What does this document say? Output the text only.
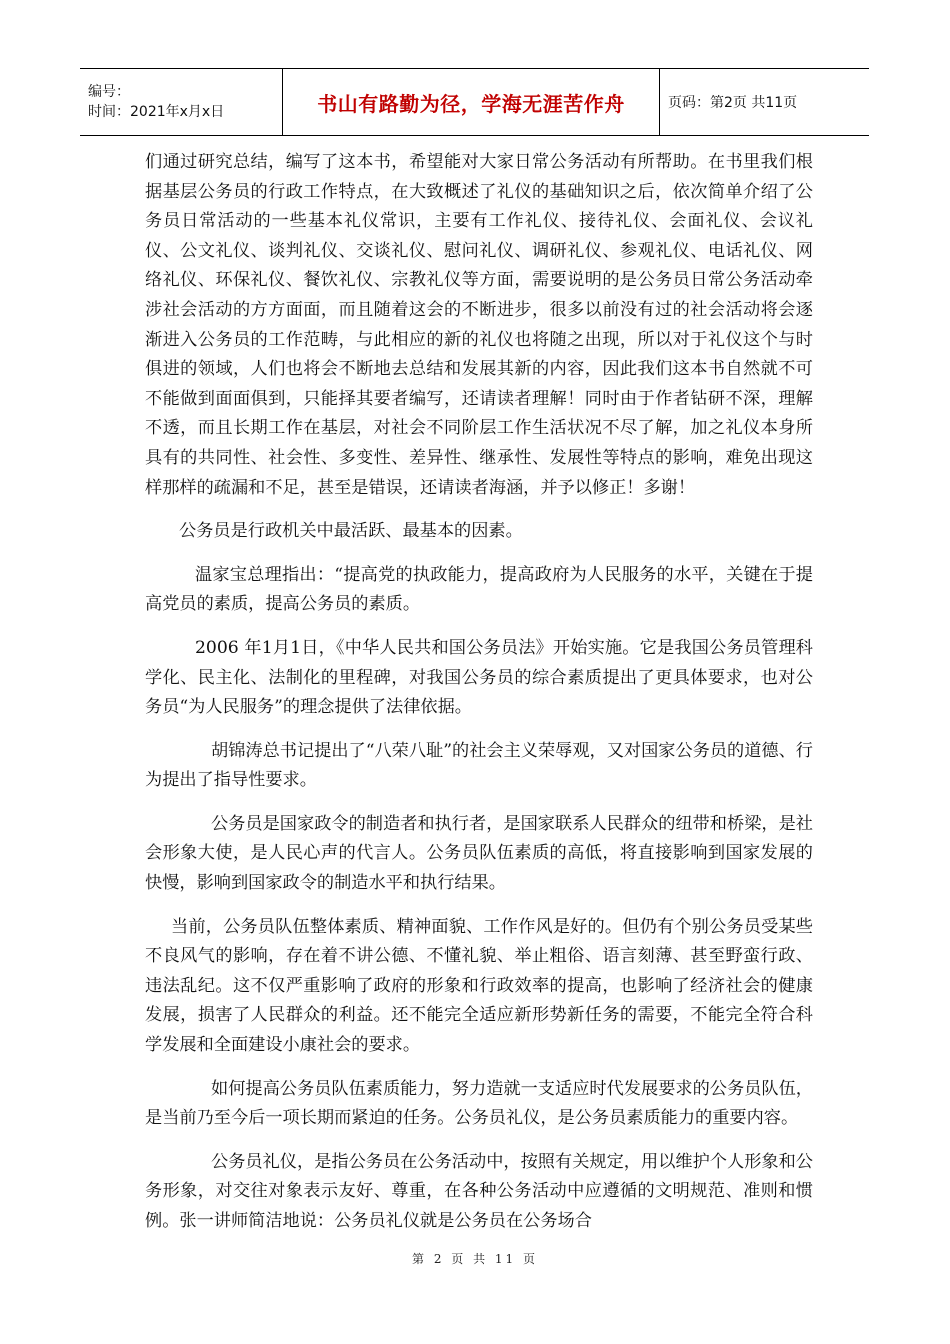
编号：
时间：2021年x月x日	书山有路勤为径，学海无涯苦作舟	页码：第2页 共11页

们通过研究总结，编写了这本书，希望能对大家日常公务活动有所帮助。在书里我们根据基层公务员的行政工作特点，在大致概述了礼仪的基础知识之后，依次简单介绍了公务员日常活动的一些基本礼仪常识，主要有工作礼仪、接待礼仪、会面礼仪、会议礼仪、公文礼仪、谈判礼仪、交谈礼仪、慰问礼仪、调研礼仪、参观礼仪、电话礼仪、网络礼仪、环保礼仪、餐饮礼仪、宗教礼仪等方面，需要说明的是公务员日常公务活动牵涉社会活动的方方面面，而且随着这会的不断进步，很多以前没有过的社会活动将会逐渐进入公务员的工作范畴，与此相应的新的礼仪也将随之出现，所以对于礼仪这个与时俱进的领域，人们也将会不断地去总结和发展其新的内容，因此我们这本书自然就不可不能做到面面俱到，只能择其要者编写，还请读者理解！同时由于作者钻研不深，理解不透，而且长期工作在基层，对社会不同阶层工作生活状况不尽了解，加之礼仪本身所具有的共同性、社会性、多变性、差异性、继承性、发展性等特点的影响，难免出现这样那样的疏漏和不足，甚至是错误，还请读者海涵，并予以修正！多谢！

公务员是行政机关中最活跃、最基本的因素。

温家宝总理指出：“提高党的执政能力，提高政府为人民服务的水平，关键在于提高党员的素质，提高公务员的素质。

2006 年1月1日，《中华人民共和国公务员法》开始实施。它是我国公务员管理科学化、民主化、法制化的里程碑，对我国公务员的综合素质提出了更具体要求，也对公务员“为人民服务”的理念提供了法律依据。

胡锦涛总书记提出了“八荣八耻”的社会主义荣辱观，又对国家公务员的道德、行为提出了指导性要求。

公务员是国家政令的制造者和执行者，是国家联系人民群众的纽带和桥梁，是社会形象大使，是人民心声的代言人。公务员队伍素质的高低，将直接影响到国家发展的快慢，影响到国家政令的制造水平和执行结果。

当前，公务员队伍整体素质、精神面貌、工作作风是好的。但仍有个别公务员受某些不良风气的影响，存在着不讲公德、不懂礼貌、举止粗俗、语言刻薄、甚至野蛮行政、违法乱纪。这不仅严重影响了政府的形象和行政效率的提高，也影响了经济社会的健康发展，损害了人民群众的利益。还不能完全适应新形势新任务的需要，不能完全符合科学发展和全面建设小康社会的要求。

如何提高公务员队伍素质能力，努力造就一支适应时代发展要求的公务员队伍，是当前乃至今后一项长期而紧迫的任务。公务员礼仪，是公务员素质能力的重要内容。

公务员礼仪，是指公务员在公务活动中，按照有关规定，用以维护个人形象和公务形象，对交往对象表示友好、尊重，在各种公务活动中应遵循的文明规范、准则和惯例。张一讲师简洁地说：公务员礼仪就是公务员在公务场合

第 2 页 共 11 页
